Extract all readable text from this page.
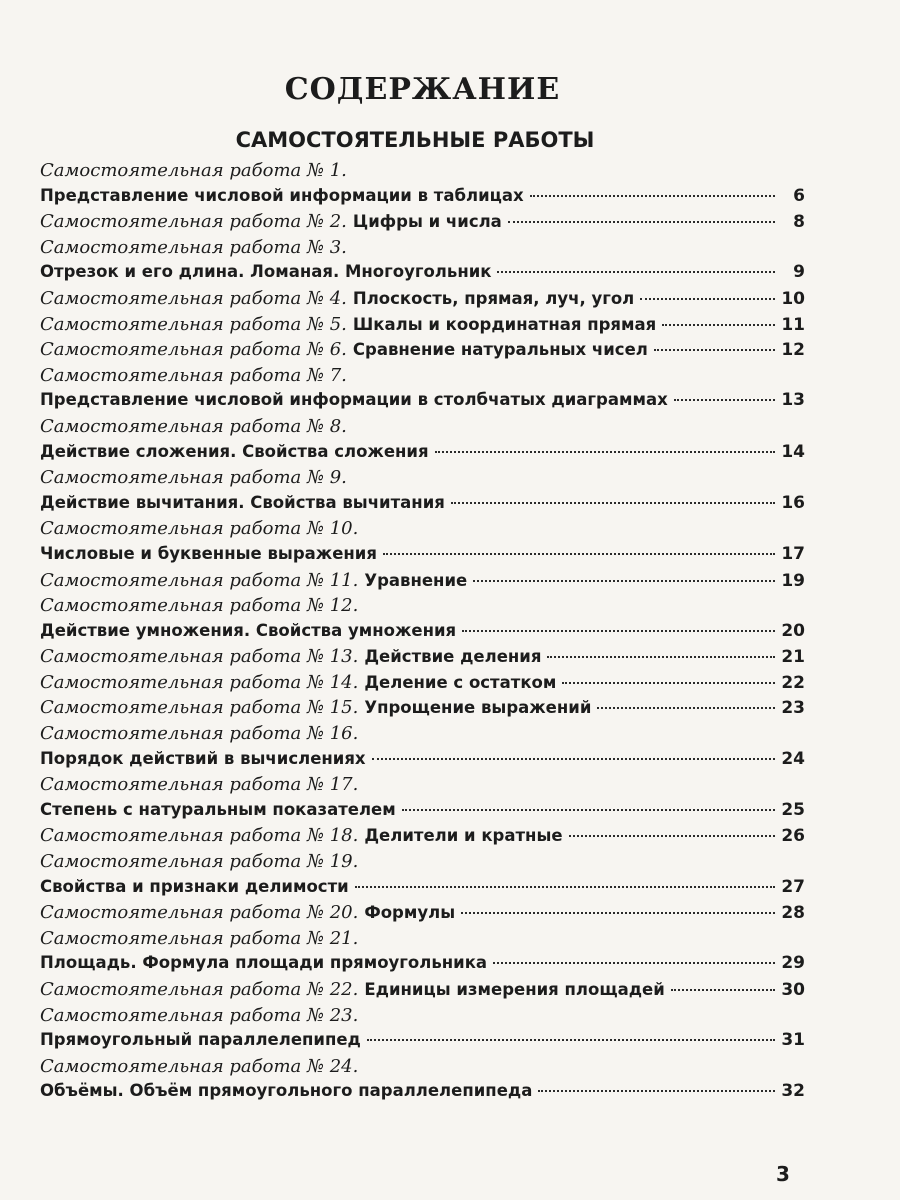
СОДЕРЖАНИЕ
САМОСТОЯТЕЛЬНЫЕ РАБОТЫ
Самостоятельная работа № 1.
Представление числовой информации в таблицах	6
Самостоятельная работа № 2. Цифры и числа	8
Самостоятельная работа № 3.
Отрезок и его длина. Ломаная. Многоугольник	9
Самостоятельная работа № 4. Плоскость, прямая, луч, угол	10
Самостоятельная работа № 5. Шкалы и координатная прямая	11
Самостоятельная работа № 6. Сравнение натуральных чисел	12
Самостоятельная работа № 7.
Представление числовой информации в столбчатых диаграммах	13
Самостоятельная работа № 8.
Действие сложения. Свойства сложения	14
Самостоятельная работа № 9.
Действие вычитания. Свойства вычитания	16
Самостоятельная работа № 10.
Числовые и буквенные выражения	17
Самостоятельная работа № 11. Уравнение	19
Самостоятельная работа № 12.
Действие умножения. Свойства умножения	20
Самостоятельная работа № 13. Действие деления	21
Самостоятельная работа № 14. Деление с остатком	22
Самостоятельная работа № 15. Упрощение выражений	23
Самостоятельная работа № 16.
Порядок действий в вычислениях	24
Самостоятельная работа № 17.
Степень с натуральным показателем	25
Самостоятельная работа № 18. Делители и кратные	26
Самостоятельная работа № 19.
Свойства и признаки делимости	27
Самостоятельная работа № 20. Формулы	28
Самостоятельная работа № 21.
Площадь. Формула площади прямоугольника	29
Самостоятельная работа № 22. Единицы измерения площадей	30
Самостоятельная работа № 23.
Прямоугольный параллелепипед	31
Самостоятельная работа № 24.
Объёмы. Объём прямоугольного параллелепипеда	32
3
